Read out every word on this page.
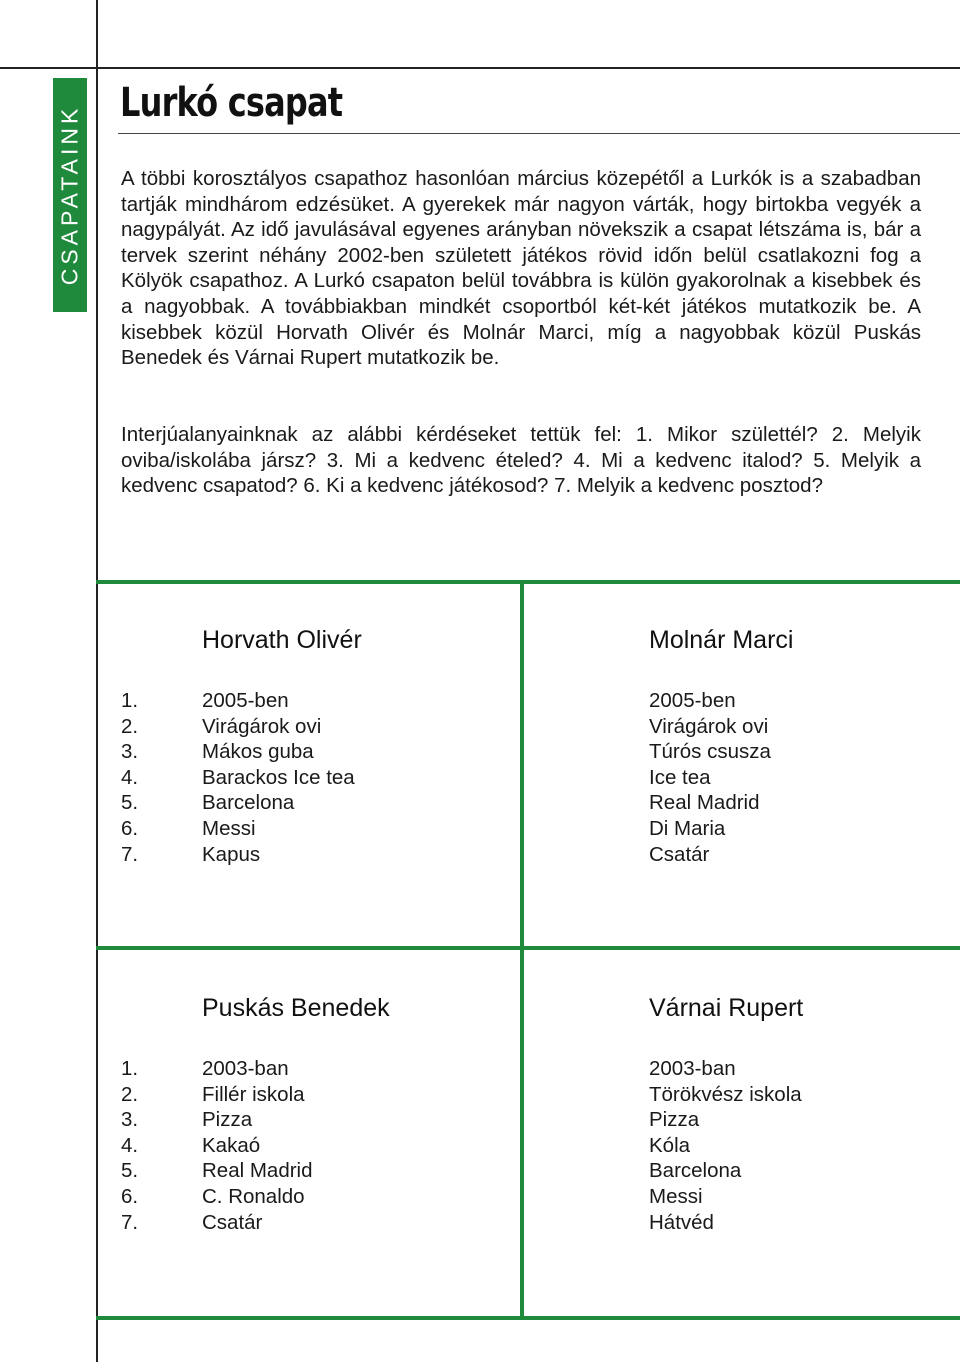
CSAPATAINK
Lurkó csapat

A többi korosztályos csapathoz hasonlóan március közepétől a Lurkók is a szabadban tartják mindhárom edzésüket. A gyerekek már nagyon várták, hogy birtokba vegyék a nagypályát. Az idő javulásával egyenes arányban növekszik a csapat létszáma is, bár a tervek szerint néhány 2002-ben született játékos rövid időn belül csatlakozni fog a Kölyök csapathoz. A Lurkó csapaton belül továbbra is külön gyakorolnak a kisebbek és a nagyobbak. A továbbiakban mindkét csoportból két-két játékos mutatkozik be. A kisebbek közül Horvath Olivér és Molnár Marci, míg a nagyobbak közül Puskás Benedek és Várnai Rupert mutatkozik be.

Interjúalanyainknak az alábbi kérdéseket tettük fel: 1. Mikor születtél? 2. Melyik oviba/iskolába jársz? 3. Mi a kedvenc ételed? 4. Mi a kedvenc italod? 5. Melyik a kedvenc csapatod? 6. Ki a kedvenc játékosod? 7. Melyik a kedvenc posztod?

Horvath Olivér	Molnár Marci
1.
2.
3.
4.
5.
6.
7.
2005-ben
Virágárok ovi
Mákos guba
Barackos Ice tea
Barcelona
Messi
Kapus
2005-ben
Virágárok ovi
Túrós csusza
Ice tea
Real Madrid
Di Maria
Csatár
Puskás Benedek	Várnai Rupert
1.
2.
3.
4.
5.
6.
7.
2003-ban
Fillér iskola
Pizza
Kakaó
Real Madrid
C. Ronaldo
Csatár
2003-ban
Törökvész iskola
Pizza
Kóla
Barcelona
Messi
Hátvéd
